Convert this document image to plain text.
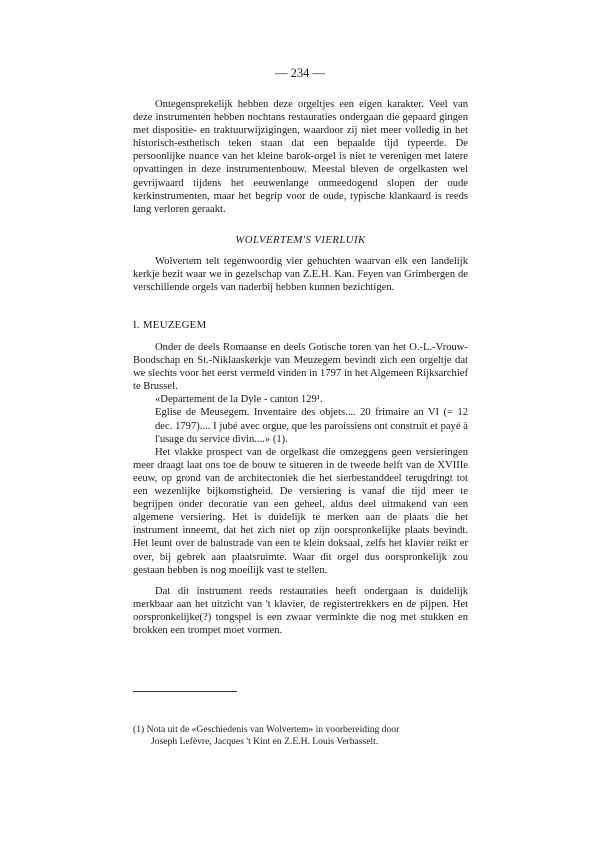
— 234 —

Ontegensprekelijk hebben deze orgeltjes een eigen karakter. Veel van deze instrumenten hebben nochtans restauraties ondergaan die gepaard gingen met dispositie- en traktuurwijzigingen, waardoor zij niet meer volledig in het historisch-esthetisch teken staan dat een bepaalde tijd typeerde. De persoonlijke nuance van het kleine barok-orgel is niet te verenigen met latere opvattingen in deze instrumentenbouw. Meestal bleven de orgelkasten wel gevrijwaard tijdens het eeuwenlange onmeedogend slopen der oude kerkinstrumenten, maar het begrip voor de oude, typische klankaard is reeds lang verloren geraakt.

WOLVERTEM'S VIERLUIK

Wolvertem telt tegenwoordig vier gehuchten waarvan elk een landelijk kerkje bezit waar we in gezelschap van Z.E.H. Kan. Feyen van Grimbergen de verschillende orgels van naderbij hebben kunnen bezichtigen.

I. MEUZEGEM

Onder de deels Romaanse en deels Gotische toren van het O.-L.-Vrouw-Boodschap en St.-Niklaaskerkje van Meuzegem bevindt zich een orgeltje dat we slechts voor het eerst vermeld vinden in 1797 in het Algemeen Rijksarchief te Brussel.

«Departement de la Dyle - canton 129¹.

Eglise de Meusegem. Inventaire des objets.... 20 frimaire an VI (= 12 dec. 1797).... I jubé avec orgue, que les paroissiens ont construit et payé à l'usage du service divin....» (1).

Het vlakke prospect van de orgelkast die omzeggens geen versieringen meer draagt laat ons toe de bouw te situeren in de tweede helft van de XVIIIe eeuw, op grond van de architectoniek die het sierbestanddeel terugdringt tot een wezenlijke bijkomstigheid. De versiering is vanaf die tijd meer te begrijpen onder decoratie van een geheel, aldus deel uitmakend van een algemene versiering. Het is duidelijk te merken aan de plaats die het instrument inneemt, dat het zich niet op zijn oorspronkelijke plaats bevindt. Het leunt over de balustrade van een te klein doksaal, zelfs het klavier reikt er over, bij gebrek aan plaatsruimte. Waar dit orgel dus oorspronkelijk zou gestaan hebben is nog moeilijk vast te stellen.

Dat dit instrument reeds restauraties heeft ondergaan is duidelijk merkbaar aan het uitzicht van 't klavier, de registertrekkers en de pijpen. Het oorspronkelijke(?) tongspel is een zwaar verminkte die nog met stukken en brokken een trompet moet vormen.

(1) Nota uit de «Geschiedenis van Wolvertem» in voorbereiding door
Joseph Lefèvre, Jacques 't Kint en Z.E.H. Louis Verhasselt.
